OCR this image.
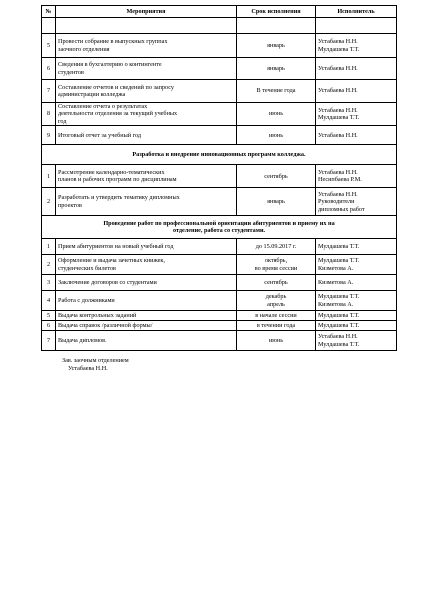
№	Мероприятия	Срок исполнения	Исполнитель

5	Провести собрание в выпускных группах
заочного отделения	январь	Устабаева Н.Н.
Мулдашева Т.Т.

6	Сведения в бухгалтерию о контингенте
студентов	январь	Устабаева Н.Н.

7	Составление отчетов и сведений по запросу
администрации колледжа	В течение года	Устабаева Н.Н.

8	Составление отчета о результатах
деятельности отделения за текущий учебных
год	июнь	Устабаева Н.Н.
Мулдашева Т.Т.

9	Итоговый отчет за учебный год	июнь	Устабаева Н.Н.

Разработка и внедрение инновационных программ колледжа.			
1	Рассмотрение календарно-тематических
планов и рабочих программ по дисциплинам	сентябрь	Устабаева Н.Н.
Несипбаева Р.М.

2	Разработать и утвердить тематику дипломных
проектов	январь	Устабаева Н.Н.
Руководители
дипломных работ

Проведение работ по профессиональной ориентации абитуриентов и приему их на
отделение, работа со студентами.			

1	Прием абитуриентов на новый учебный год	до 15.09.2017 г.	Мулдашева Т.Т.

2	Оформление и выдача зачетных книжек,
студенческих билетов	октябрь,
во время сессии	Мулдашева Т.Т.
Кизметова А.

3	Заключение договоров со студентами	сентябрь	Кизметова А.

4	Работа с должниками	декабрь
апрель	Мулдашева Т.Т.
Кизметова А.

5	Выдача контрольных заданий	в начале сессии	Мулдашева Т.Т.

6	Выдача справок /различной формы/	в течении года	Мулдашева Т.Т.

7	Выдача дипломов.	июнь	Устабаева Н.Н.
Мулдашева Т.Т.
Зав. заочным отделением
Устабаева Н.Н.
